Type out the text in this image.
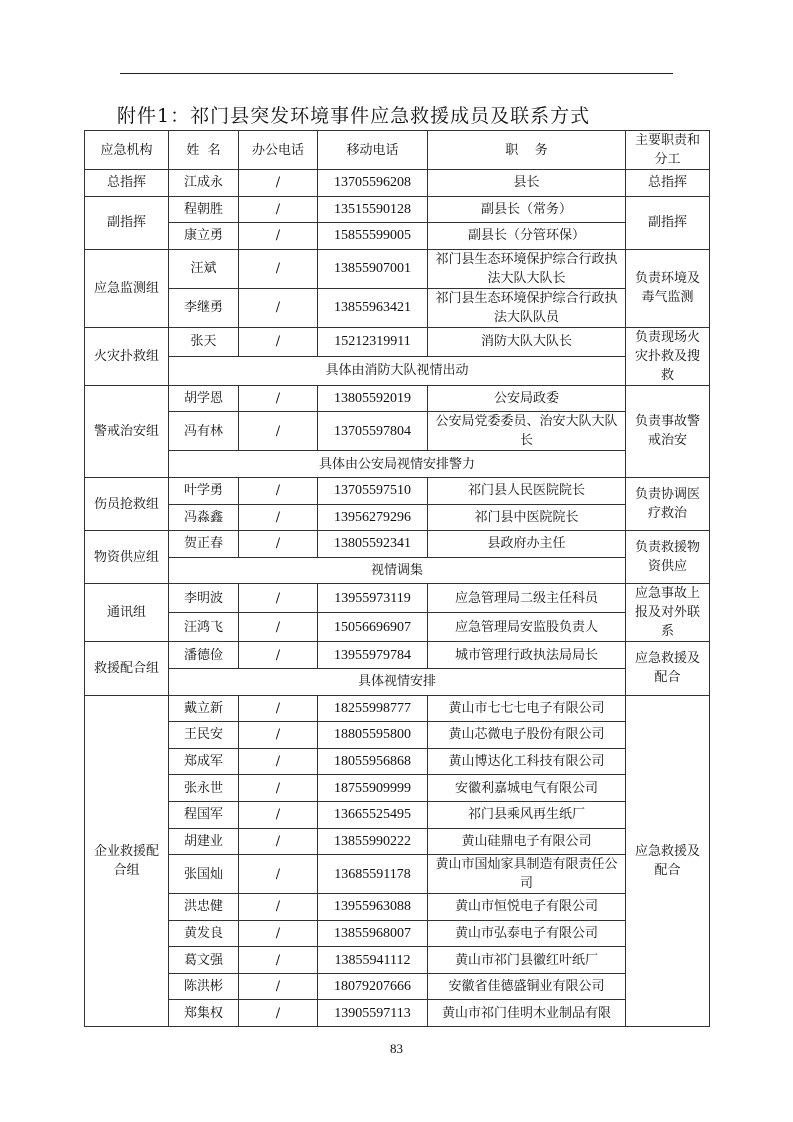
附件1：祁门县突发环境事件应急救援成员及联系方式
应急机构	姓  名	办公电话	移动电话	职    务	主要职责和分工
总指挥	江成永	/	13705596208	县长	总指挥
副指挥	程朝胜	/	13515590128	副县长（常务）	副指挥
	康立勇	/	15855599005	副县长（分管环保）	
应急监测组	汪斌	/	13855907001	祁门县生态环境保护综合行政执法大队大队长	负责环境及毒气监测
	李继勇	/	13855963421	祁门县生态环境保护综合行政执法大队队员	
火灾扑救组	张天	/	15212319911	消防大队大队长	负责现场火灾扑救及搜救
	具体由消防大队视情出动				
警戒治安组	胡学恩	/	13805592019	公安局政委	负责事故警戒治安
	冯有林	/	13705597804	公安局党委委员、治安大队大队长	
	具体由公安局视情安排警力				
伤员抢救组	叶学勇	/	13705597510	祁门县人民医院院长	负责协调医疗救治
	冯淼鑫	/	13956279296	祁门县中医院院长	
物资供应组	贺正春	/	13805592341	县政府办主任	负责救援物资供应
	视情调集				
通讯组	李明波	/	13955973119	应急管理局二级主任科员	应急事故上报及对外联系
	汪鸿飞	/	15056696907	应急管理局安监股负责人	
救援配合组	潘德俭	/	13955979784	城市管理行政执法局局长	应急救援及配合
	具体视情安排				
企业救援配合组	戴立新	/	18255998777	黄山市七七七电子有限公司	应急救援及配合
	王民安	/	18805595800	黄山芯微电子股份有限公司	
	郑成军	/	18055956868	黄山博达化工科技有限公司	
	张永世	/	18755909999	安徽利嘉城电气有限公司	
	程国军	/	13665525495	祁门县乘风再生纸厂	
	胡建业	/	13855990222	黄山硅鼎电子有限公司	
	张国灿	/	13685591178	黄山市国灿家具制造有限责任公司	
	洪忠健	/	13955963088	黄山市恒悦电子有限公司	
	黄发良	/	13855968007	黄山市弘泰电子有限公司	
	葛文强	/	13855941112	黄山市祁门县徽红叶纸厂	
	陈洪彬	/	18079207666	安徽省佳德盛铜业有限公司	
	郑集权	/	13905597113	黄山市祁门佳明木业制品有限	
83
